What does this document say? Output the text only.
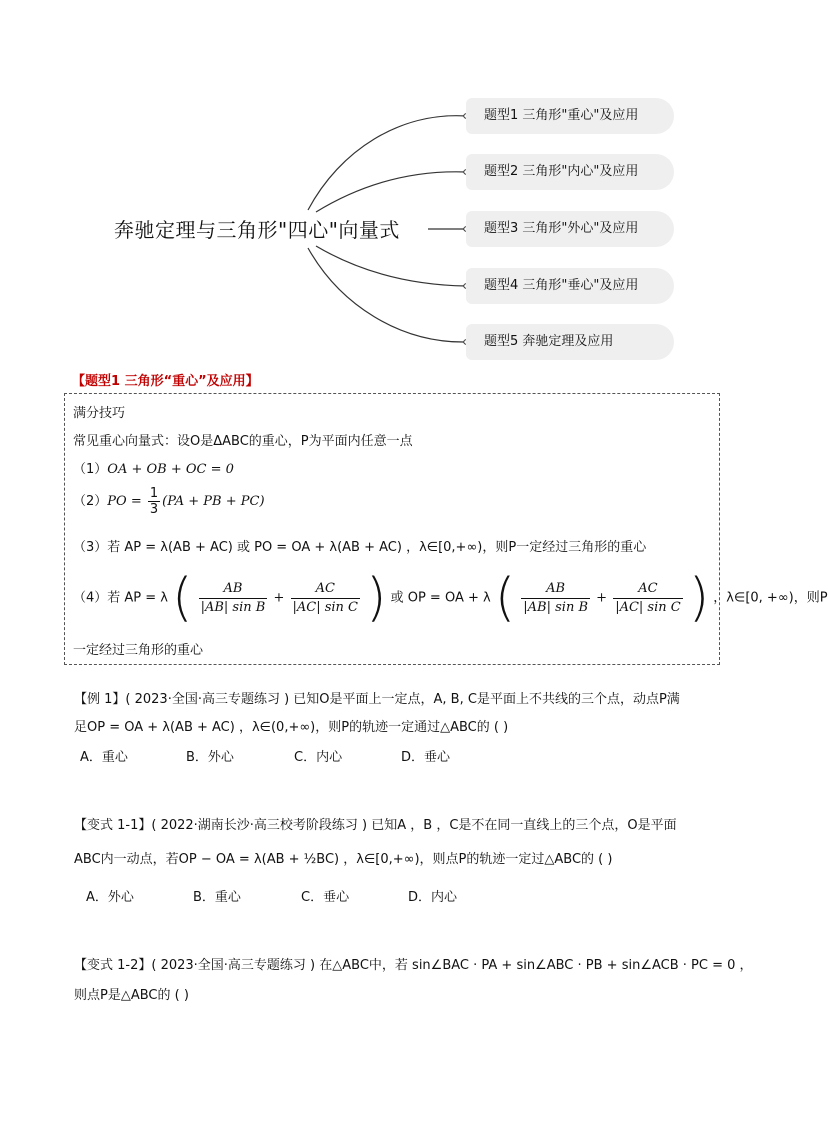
奔驰定理与三角形"四心"向量式
题型1 三角形"重心"及应用
题型2 三角形"内心"及应用
题型3 三角形"外心"及应用
题型4 三角形"垂心"及应用
题型5 奔驰定理及应用
【题型1 三角形“重心”及应用】
满分技巧
常见重心向量式：设O是ΔABC的重心，P为平面内任意一点
（1）OA + OB + OC = 0
$(2)PO = \frac{1}{3} (PA$ + PB + PC)
（3）若 AP = λ(AB + AC) 或 PO = OA + λ(AB + AC) ，λ∈[0,+∞)，则P一定经过三角形的重心
（4）若 AP = λ ( $\frac{AB}{\text{|AB| sin B}} + \frac{AC}{\text{|AC| sin C}}$ ) 或 OP = OA + λ ( $\frac{AB}{\text{|AB| sin B}} + \frac{AC}{\text{|AC| sin C}}$ ) ，λ∈[0, +∞)，则P
一定经过三角形的重心
【例 1】( 2023·全国·高三专题练习 ) 已知O是平面上一定点，A, B, C是平面上不共线的三个点，动点P满
足OP = OA + λ(AB + AC) ，λ∈(0,+∞)，则P的轨迹一定通过△ABC的 ( )
A．重心	B．外心	C．内心	D．垂心
【变式 1-1】( 2022·湖南长沙·高三校考阶段练习 ) 已知A ，B ，C是不在同一直线上的三个点，O是平面
ABC内一动点，若OP − OA = λ(AB + ½BC) ，λ∈[0,+∞)，则点P的轨迹一定过△ABC的 ( )
A．外心	B．重心	C．垂心	D．内心
【变式 1-2】( 2023·全国·高三专题练习 ) 在△ABC中，若 sin∠BAC · PA + sin∠ABC · PB + sin∠ACB · PC = 0 ，
则点P是△ABC的 ( )
